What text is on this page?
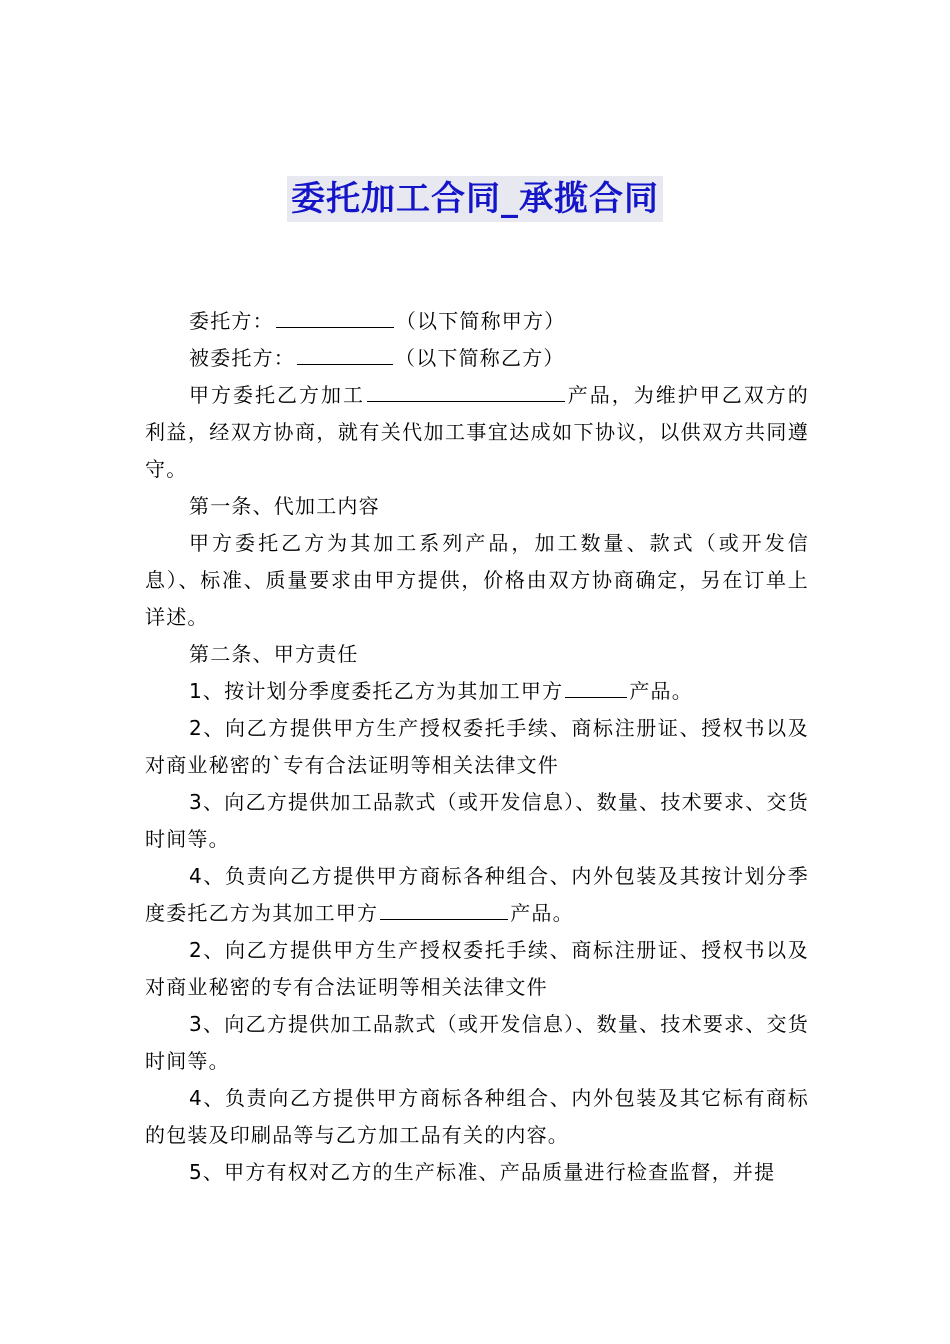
委托加工合同_承揽合同

委托方：	（以下简称甲方）

被委托方：	（以下简称乙方）

甲方委托乙方加工	产品，为维护甲乙双方的利益，经双方协商，就有关代加工事宜达成如下协议，以供双方共同遵守。

第一条、代加工内容

甲方委托乙方为其加工系列产品，加工数量、款式（或开发信息）、标准、质量要求由甲方提供，价格由双方协商确定，另在订单上详述。

第二条、甲方责任

1、按计划分季度委托乙方为其加工甲方	产品。

2、向乙方提供甲方生产授权委托手续、商标注册证、授权书以及对商业秘密的`专有合法证明等相关法律文件

3、向乙方提供加工品款式（或开发信息）、数量、技术要求、交货时间等。

4、负责向乙方提供甲方商标各种组合、内外包装及其按计划分季度委托乙方为其加工甲方	产品。

2、向乙方提供甲方生产授权委托手续、商标注册证、授权书以及对商业秘密的专有合法证明等相关法律文件

3、向乙方提供加工品款式（或开发信息）、数量、技术要求、交货时间等。

4、负责向乙方提供甲方商标各种组合、内外包装及其它标有商标的包装及印刷品等与乙方加工品有关的内容。

5、甲方有权对乙方的生产标准、产品质量进行检查监督，并提
